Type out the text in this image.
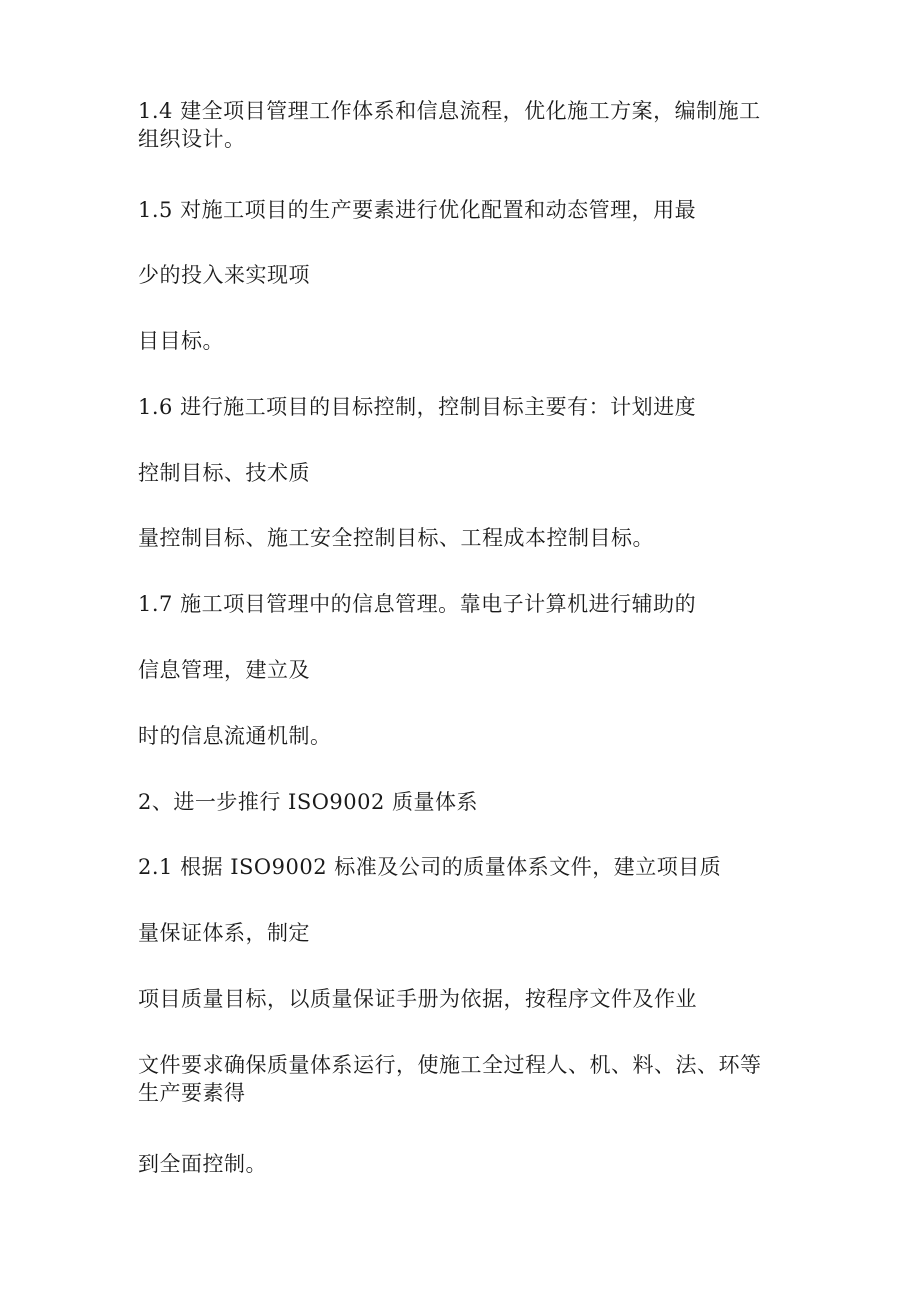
1.4 建全项目管理工作体系和信息流程，优化施工方案，编制施工
组织设计。
1.5 对施工项目的生产要素进行优化配置和动态管理，用最
少的投入来实现项
目目标。
1.6 进行施工项目的目标控制，控制目标主要有：计划进度
控制目标、技术质
量控制目标、施工安全控制目标、工程成本控制目标。
1.7 施工项目管理中的信息管理。靠电子计算机进行辅助的
信息管理，建立及
时的信息流通机制。
2、进一步推行 ISO9002 质量体系
2.1 根据 ISO9002 标准及公司的质量体系文件，建立项目质
量保证体系，制定
项目质量目标，以质量保证手册为依据，按程序文件及作业
文件要求确保质量体系运行，使施工全过程人、机、料、法、环等
生产要素得
到全面控制。
